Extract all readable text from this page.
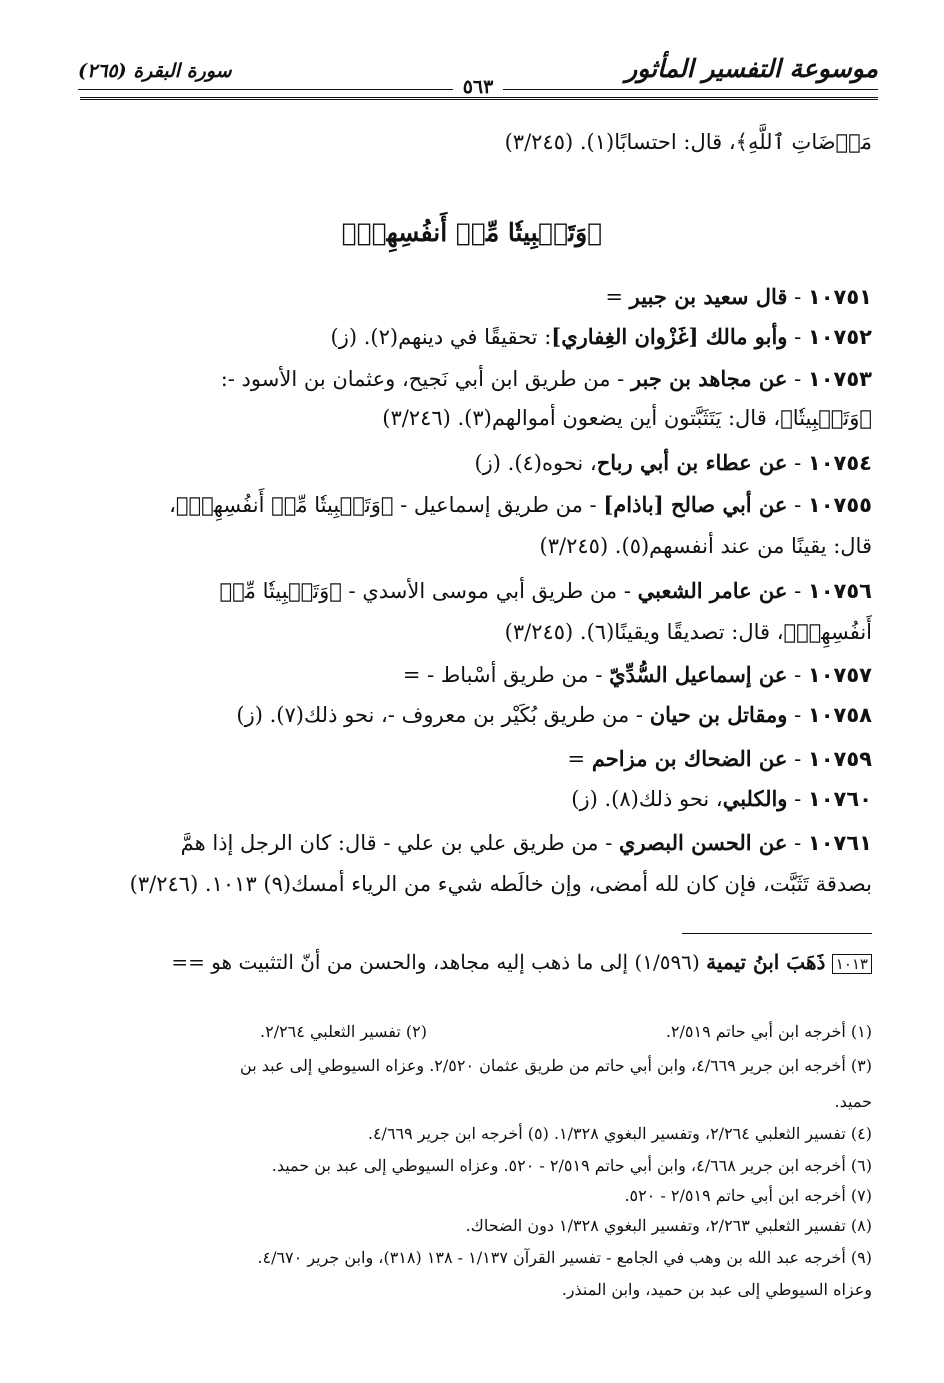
موسوعة التفسير المأثور
٥٦٣
سورة البقرة (٢٦٥)
مَرۡضَاتِ ٱللَّهِ﴾، قال: احتسابًا(١). (٣/٢٤٥)
﴿وَتَثۡبِيتٗا مِّنۡ أَنفُسِهِمۡ﴾
١٠٧٥١ - قال سعيد بن جبير =
١٠٧٥٢ - وأبو مالك [غَزْوان الغِفاري]: تحقيقًا في دينهم(٢). (ز)
١٠٧٥٣ - عن مجاهد بن جبر - من طريق ابن أبي نَجيح، وعثمان بن الأسود -:
﴿وَتَثۡبِيتٗا﴾، قال: يَتَثَبَّتون أين يضعون أموالهم(٣). (٣/٢٤٦)
١٠٧٥٤ - عن عطاء بن أبي رباح، نحوه(٤). (ز)
١٠٧٥٥ - عن أبي صالح [باذام] - من طريق إسماعيل - ﴿وَتَثۡبِيتٗا مِّنۡ أَنفُسِهِمۡ﴾،
قال: يقينًا من عند أنفسهم(٥). (٣/٢٤٥)
١٠٧٥٦ - عن عامر الشعبي - من طريق أبي موسى الأسدي - ﴿وَتَثۡبِيتٗا مِّنۡ
أَنفُسِهِمۡ﴾، قال: تصديقًا ويقينًا(٦). (٣/٢٤٥)
١٠٧٥٧ - عن إسماعيل السُّدِّيّ - من طريق أسْباط - =
١٠٧٥٨ - ومقاتل بن حيان - من طريق بُكَيْر بن معروف -، نحو ذلك(٧). (ز)
١٠٧٥٩ - عن الضحاك بن مزاحم =
١٠٧٦٠ - والكلبي، نحو ذلك(٨). (ز)
١٠٧٦١ - عن الحسن البصري - من طريق علي بن علي - قال: كان الرجل إذا همَّ
بصدقة تَثَبَّت، فإن كان لله أمضى، وإن خالَطه شيء من الرياء أمسك(٩) ١٠١٣. (٣/٢٤٦)
١٠١٣ ذَهَبَ ابنُ تيمية (١/٥٩٦) إلى ما ذهب إليه مجاهد، والحسن من أنّ التثبيت هو ==
(١) أخرجه ابن أبي حاتم ٢/٥١٩.
(٢) تفسير الثعلبي ٢/٢٦٤.
(٣) أخرجه ابن جرير ٤/٦٦٩، وابن أبي حاتم من طريق عثمان ٢/٥٢٠. وعزاه السيوطي إلى عبد بن
حميد.
(٤) تفسير الثعلبي ٢/٢٦٤، وتفسير البغوي ١/٣٢٨. (٥) أخرجه ابن جرير ٤/٦٦٩.
(٦) أخرجه ابن جرير ٤/٦٦٨، وابن أبي حاتم ٢/٥١٩ - ٥٢٠. وعزاه السيوطي إلى عبد بن حميد.
(٧) أخرجه ابن أبي حاتم ٢/٥١٩ - ٥٢٠.
(٨) تفسير الثعلبي ٢/٢٦٣، وتفسير البغوي ١/٣٢٨ دون الضحاك.
(٩) أخرجه عبد الله بن وهب في الجامع - تفسير القرآن ١/١٣٧ - ١٣٨ (٣١٨)، وابن جرير ٤/٦٧٠.
وعزاه السيوطي إلى عبد بن حميد، وابن المنذر.
